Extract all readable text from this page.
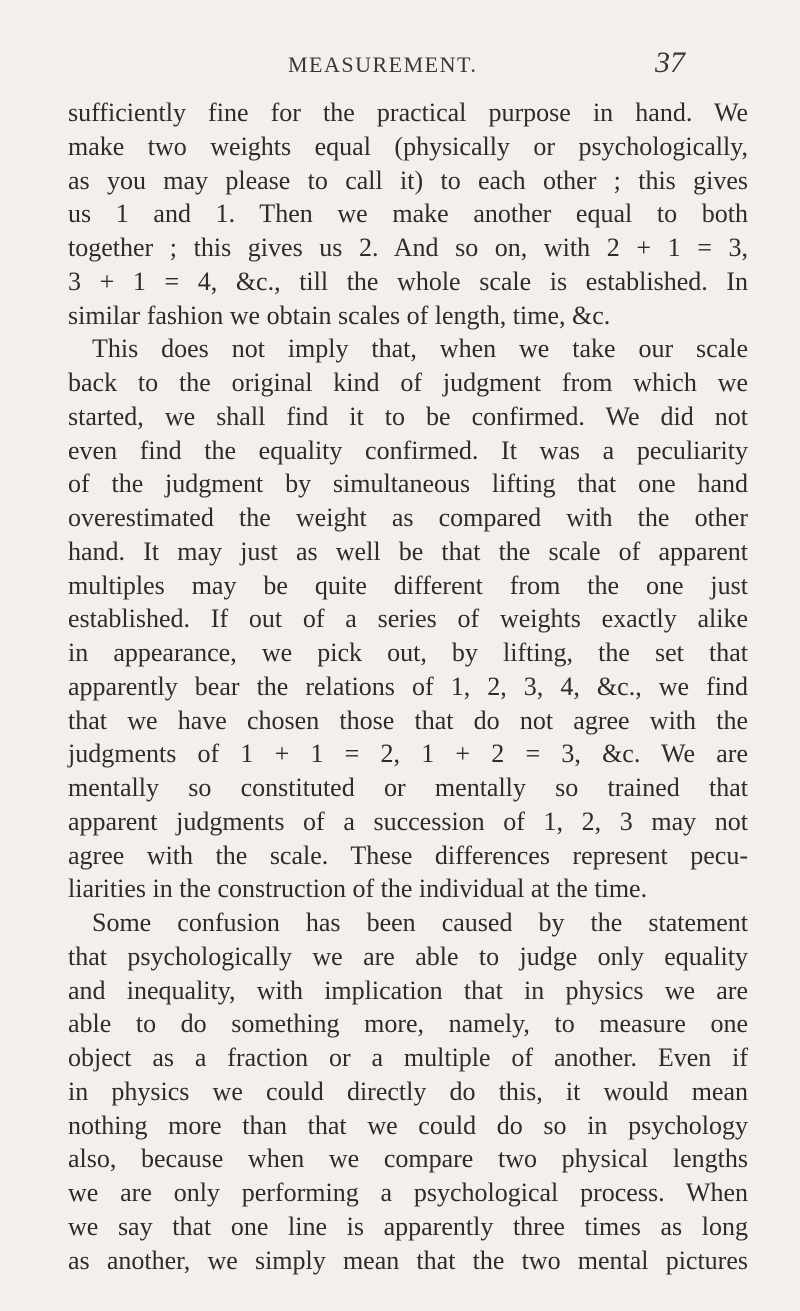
MEASUREMENT.	37
sufficiently fine for the practical purpose in hand. We
make two weights equal (physically or psychologically,
as you may please to call it) to each other ; this gives
us 1 and 1. Then we make another equal to both
together ; this gives us 2. And so on, with 2 + 1 = 3,
3 + 1 = 4, &c., till the whole scale is established. In
similar fashion we obtain scales of length, time, &c.
This does not imply that, when we take our scale
back to the original kind of judgment from which we
started, we shall find it to be confirmed. We did not
even find the equality confirmed. It was a peculiarity
of the judgment by simultaneous lifting that one hand
overestimated the weight as compared with the other
hand. It may just as well be that the scale of apparent
multiples may be quite different from the one just
established. If out of a series of weights exactly alike
in appearance, we pick out, by lifting, the set that
apparently bear the relations of 1, 2, 3, 4, &c., we find
that we have chosen those that do not agree with the
judgments of 1 + 1 = 2, 1 + 2 = 3, &c. We are
mentally so constituted or mentally so trained that
apparent judgments of a succession of 1, 2, 3 may not
agree with the scale. These differences represent pecu-
liarities in the construction of the individual at the time.
Some confusion has been caused by the statement
that psychologically we are able to judge only equality
and inequality, with implication that in physics we are
able to do something more, namely, to measure one
object as a fraction or a multiple of another. Even if
in physics we could directly do this, it would mean
nothing more than that we could do so in psychology
also, because when we compare two physical lengths
we are only performing a psychological process. When
we say that one line is apparently three times as long
as another, we simply mean that the two mental pictures
